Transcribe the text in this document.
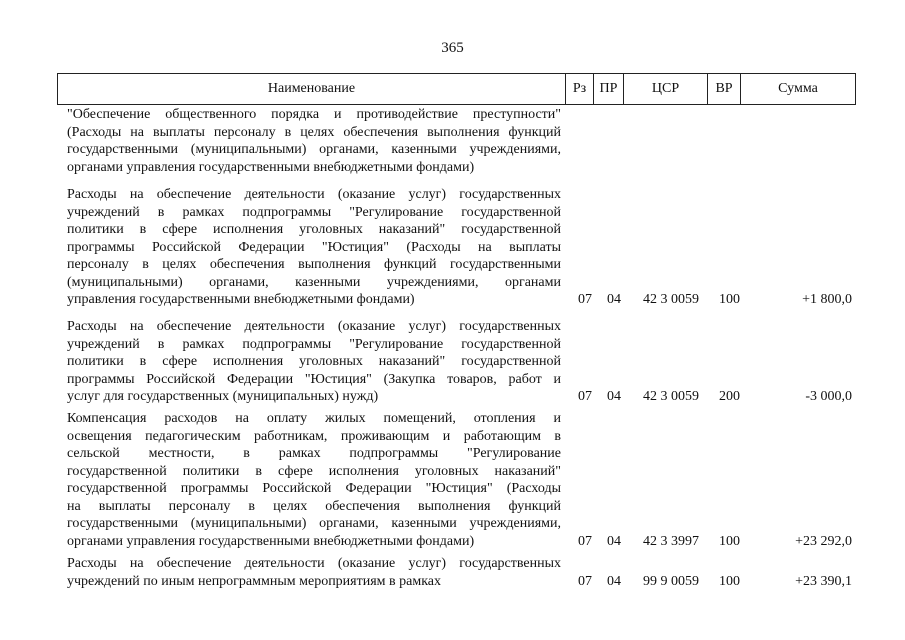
365
Наименование	Рз	ПР	ЦСР	ВР	Сумма
"Обеспечение общественного порядка и противодействие преступности"
(Расходы на выплаты персоналу в целях обеспечения выполнения функций
государственными (муниципальными) органами, казенными учреждениями,
органами управления государственными внебюджетными фондами)
Расходы на обеспечение деятельности (оказание услуг) государственных
учреждений в рамках подпрограммы "Регулирование государственной
политики в сфере исполнения уголовных наказаний" государственной
программы Российской Федерации "Юстиция" (Расходы на выплаты
персоналу в целях обеспечения выполнения функций государственными
(муниципальными) органами, казенными учреждениями, органами
управления государственными внебюджетными фондами)	07	04	42 3 0059	100	+1 800,0
Расходы на обеспечение деятельности (оказание услуг) государственных
учреждений в рамках подпрограммы "Регулирование государственной
политики в сфере исполнения уголовных наказаний" государственной
программы Российской Федерации "Юстиция" (Закупка товаров, работ и
услуг для государственных (муниципальных) нужд)	07	04	42 3 0059	200	-3 000,0
Компенсация расходов на оплату жилых помещений, отопления и
освещения педагогическим работникам, проживающим и работающим в
сельской местности, в рамках подпрограммы "Регулирование
государственной политики в сфере исполнения уголовных наказаний"
государственной программы Российской Федерации "Юстиция" (Расходы
на выплаты персоналу в целях обеспечения выполнения функций
государственными (муниципальными) органами, казенными учреждениями,
органами управления государственными внебюджетными фондами)	07	04	42 3 3997	100	+23 292,0
Расходы на обеспечение деятельности (оказание услуг) государственных
учреждений по иным непрограммным мероприятиям в рамках	07	04	99 9 0059	100	+23 390,1
